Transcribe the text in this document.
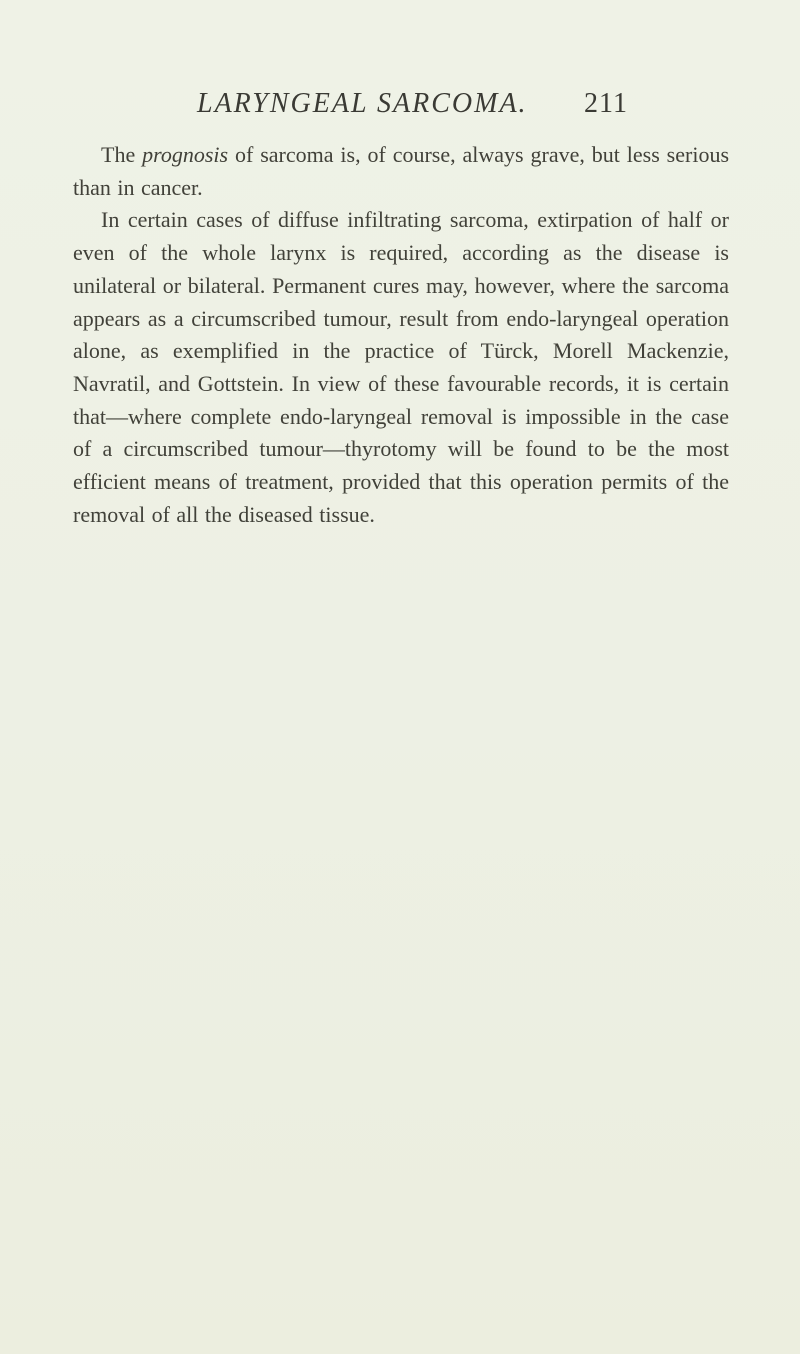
LARYNGEAL SARCOMA. 211

The prognosis of sarcoma is, of course, always grave, but less serious than in cancer.

In certain cases of diffuse infiltrating sarcoma, extirpation of half or even of the whole larynx is required, according as the disease is unilateral or bilateral. Permanent cures may, however, where the sarcoma appears as a circumscribed tumour, result from endo-laryngeal operation alone, as exemplified in the practice of Türck, Morell Mackenzie, Navratil, and Gottstein. In view of these favourable records, it is certain that—where complete endo-laryngeal removal is impossible in the case of a circumscribed tumour—thyrotomy will be found to be the most efficient means of treatment, provided that this operation permits of the removal of all the diseased tissue.
